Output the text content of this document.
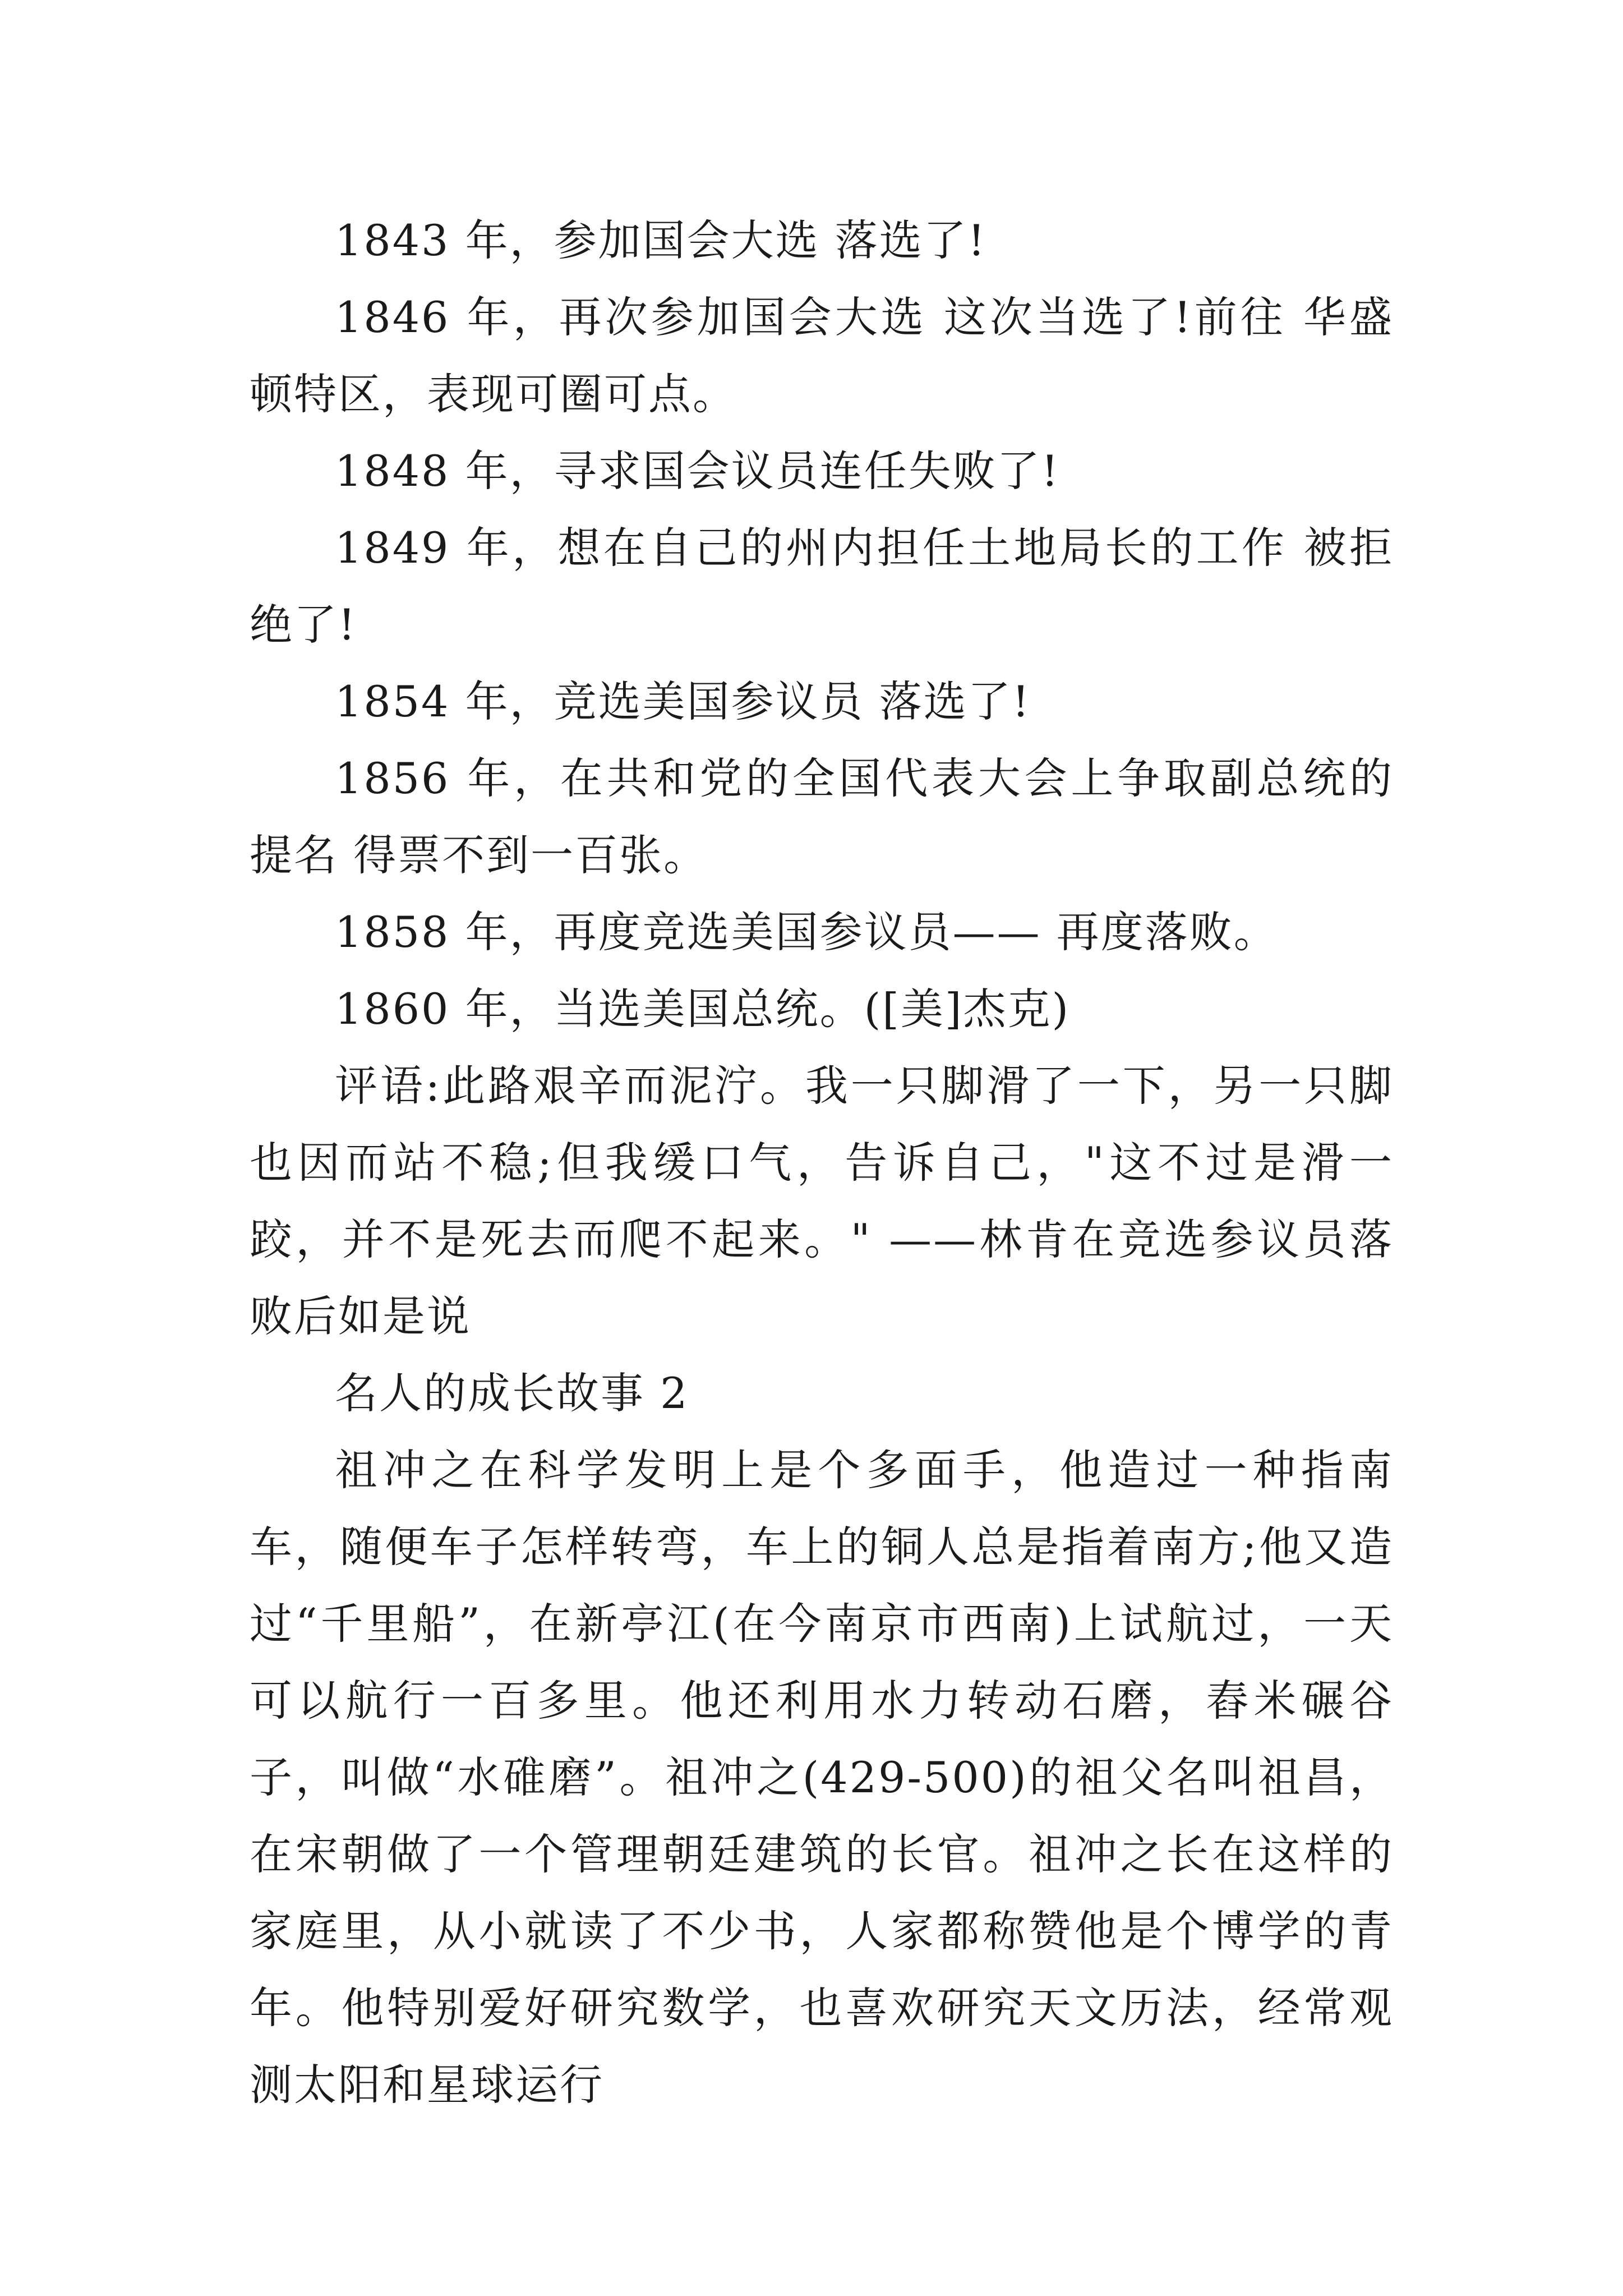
1843 年，参加国会大选 落选了!

1846 年，再次参加国会大选 这次当选了!前往 华盛顿特区，表现可圈可点。

1848 年，寻求国会议员连任失败了!

1849 年，想在自己的州内担任土地局长的工作 被拒绝了!

1854 年，竞选美国参议员 落选了!

1856 年，在共和党的全国代表大会上争取副总统的 提名 得票不到一百张。

1858 年，再度竞选美国参议员—— 再度落败。

1860 年，当选美国总统。([美]杰克)

评语:此路艰辛而泥泞。我一只脚滑了一下，另一只脚也因而站不稳;但我缓口气，告诉自己，"这不过是滑一跤，并不是死去而爬不起来。" ——林肯在竞选参议员落败后如是说

名人的成长故事 2

祖冲之在科学发明上是个多面手，他造过一种指南车，随便车子怎样转弯，车上的铜人总是指着南方;他又造过“千里船”，在新亭江(在今南京市西南)上试航过，一天可以航行一百多里。他还利用水力转动石磨，舂米碾谷子，叫做“水碓磨”。祖冲之(429-500)的祖父名叫祖昌，在宋朝做了一个管理朝廷建筑的长官。祖冲之长在这样的家庭里，从小就读了不少书，人家都称赞他是个博学的青年。他特别爱好研究数学，也喜欢研究天文历法，经常观测太阳和星球运行
